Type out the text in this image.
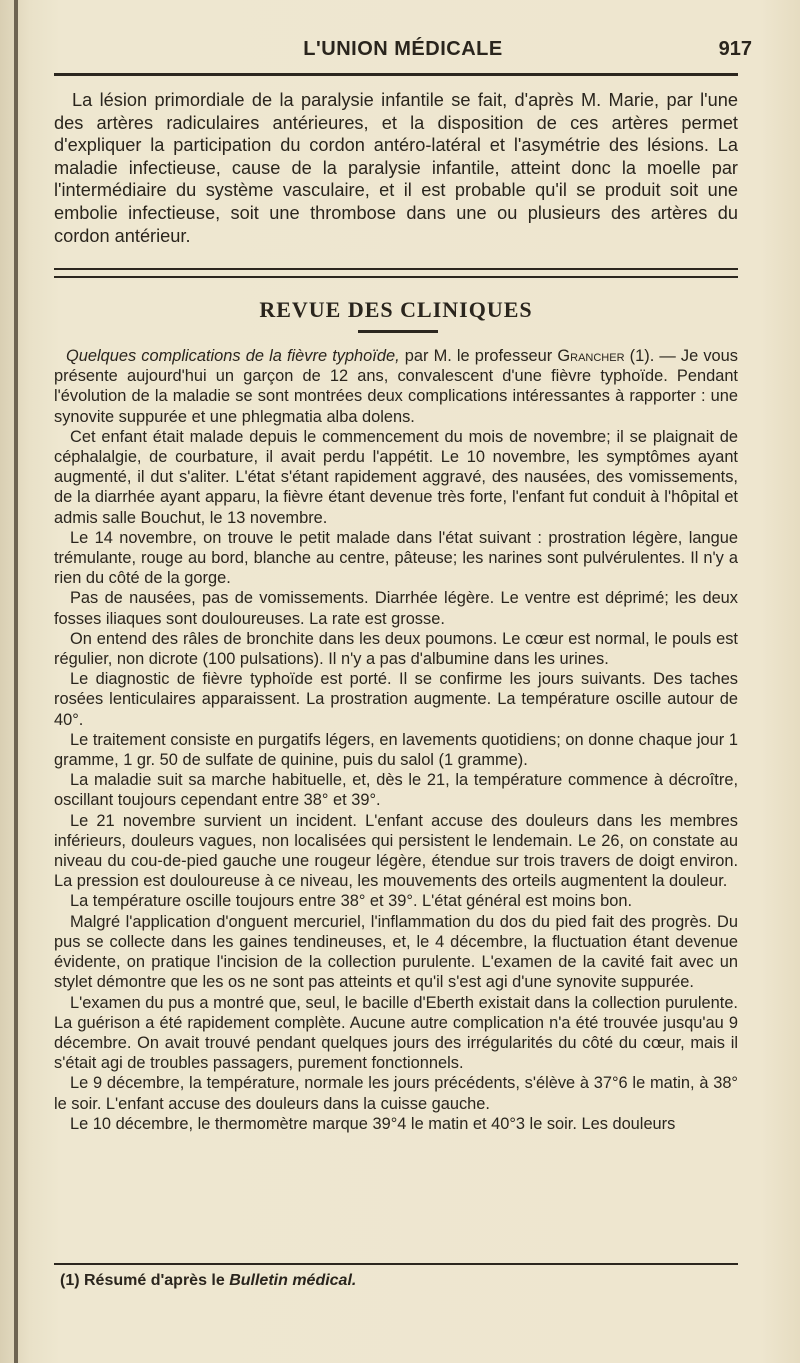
L'UNION MÉDICALE	917

La lésion primordiale de la paralysie infantile se fait, d'après M. Marie, par l'une des artères radiculaires antérieures, et la disposition de ces artères permet d'expliquer la participation du cordon antéro-latéral et l'asymétrie des lésions. La maladie infectieuse, cause de la paralysie infantile, atteint donc la moelle par l'intermédiaire du système vasculaire, et il est probable qu'il se produit soit une embolie infectieuse, soit une thrombose dans une ou plusieurs des artères du cordon antérieur.

REVUE DES CLINIQUES

Quelques complications de la fièvre typhoïde, par M. le professeur Grancher (1). — Je vous présente aujourd'hui un garçon de 12 ans, convalescent d'une fièvre typhoïde. Pendant l'évolution de la maladie se sont montrées deux complications intéressantes à rapporter : une synovite suppurée et une phlegmatia alba dolens.

Cet enfant était malade depuis le commencement du mois de novembre; il se plaignait de céphalalgie, de courbature, il avait perdu l'appétit. Le 10 novembre, les symptômes ayant augmenté, il dut s'aliter. L'état s'étant rapidement aggravé, des nausées, des vomissements, de la diarrhée ayant apparu, la fièvre étant devenue très forte, l'enfant fut conduit à l'hôpital et admis salle Bouchut, le 13 novembre.

Le 14 novembre, on trouve le petit malade dans l'état suivant : prostration légère, langue trémulante, rouge au bord, blanche au centre, pâteuse; les narines sont pulvérulentes. Il n'y a rien du côté de la gorge.

Pas de nausées, pas de vomissements. Diarrhée légère. Le ventre est déprimé; les deux fosses iliaques sont douloureuses. La rate est grosse.

On entend des râles de bronchite dans les deux poumons. Le cœur est normal, le pouls est régulier, non dicrote (100 pulsations). Il n'y a pas d'albumine dans les urines.

Le diagnostic de fièvre typhoïde est porté. Il se confirme les jours suivants. Des taches rosées lenticulaires apparaissent. La prostration augmente. La température oscille autour de 40°.

Le traitement consiste en purgatifs légers, en lavements quotidiens; on donne chaque jour 1 gramme, 1 gr. 50 de sulfate de quinine, puis du salol (1 gramme).

La maladie suit sa marche habituelle, et, dès le 21, la température commence à décroître, oscillant toujours cependant entre 38° et 39°.

Le 21 novembre survient un incident. L'enfant accuse des douleurs dans les membres inférieurs, douleurs vagues, non localisées qui persistent le lendemain. Le 26, on constate au niveau du cou-de-pied gauche une rougeur légère, étendue sur trois travers de doigt environ. La pression est douloureuse à ce niveau, les mouvements des orteils augmentent la douleur.

La température oscille toujours entre 38° et 39°. L'état général est moins bon.

Malgré l'application d'onguent mercuriel, l'inflammation du dos du pied fait des progrès. Du pus se collecte dans les gaines tendineuses, et, le 4 décembre, la fluctuation étant devenue évidente, on pratique l'incision de la collection purulente. L'examen de la cavité fait avec un stylet démontre que les os ne sont pas atteints et qu'il s'est agi d'une synovite suppurée.

L'examen du pus a montré que, seul, le bacille d'Eberth existait dans la collection purulente. La guérison a été rapidement complète. Aucune autre complication n'a été trouvée jusqu'au 9 décembre. On avait trouvé pendant quelques jours des irrégularités du côté du cœur, mais il s'était agi de troubles passagers, purement fonctionnels.

Le 9 décembre, la température, normale les jours précédents, s'élève à 37°6 le matin, à 38° le soir. L'enfant accuse des douleurs dans la cuisse gauche.

Le 10 décembre, le thermomètre marque 39°4 le matin et 40°3 le soir. Les douleurs

(1) Résumé d'après le Bulletin médical.
